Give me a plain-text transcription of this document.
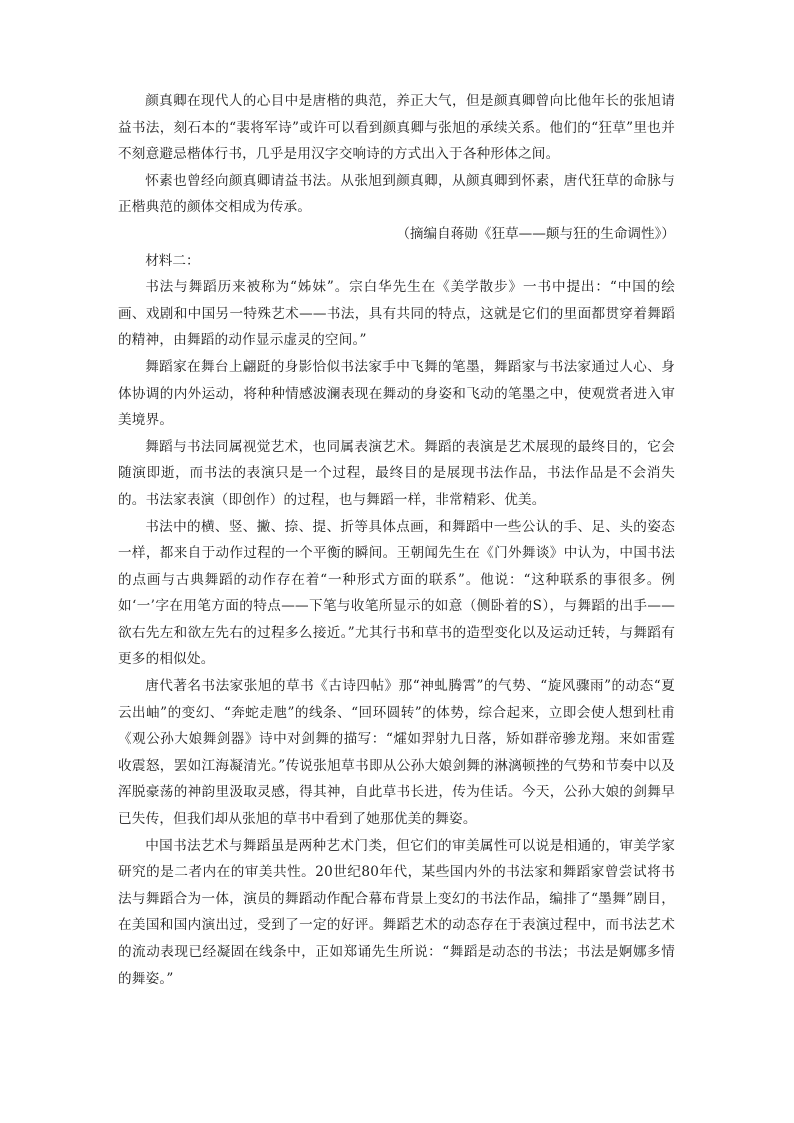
颜真卿在现代人的心目中是唐楷的典范，养正大气，但是颜真卿曾向比他年长的张旭请益书法，刻石本的“裴将军诗”或许可以看到颜真卿与张旭的承续关系。他们的“狂草”里也并不刻意避忌楷体行书，几乎是用汉字交响诗的方式出入于各种形体之间。

怀素也曾经向颜真卿请益书法。从张旭到颜真卿，从颜真卿到怀素，唐代狂草的命脉与正楷典范的颜体交相成为传承。

（摘编自蒋勋《狂草——颠与狂的生命调性》）

材料二：

书法与舞蹈历来被称为“姊妹”。宗白华先生在《美学散步》一书中提出：“中国的绘画、戏剧和中国另一特殊艺术——书法，具有共同的特点，这就是它们的里面都贯穿着舞蹈的精神，由舞蹈的动作显示虚灵的空间。”

舞蹈家在舞台上翩跹的身影恰似书法家手中飞舞的笔墨，舞蹈家与书法家通过人心、身体协调的内外运动，将种种情感波澜表现在舞动的身姿和飞动的笔墨之中，使观赏者进入审美境界。

舞蹈与书法同属视觉艺术，也同属表演艺术。舞蹈的表演是艺术展现的最终目的，它会随演即逝，而书法的表演只是一个过程，最终目的是展现书法作品，书法作品是不会消失的。书法家表演（即创作）的过程，也与舞蹈一样，非常精彩、优美。

书法中的横、竖、撇、捺、提、折等具体点画，和舞蹈中一些公认的手、足、头的姿态一样，都来自于动作过程的一个平衡的瞬间。王朝闻先生在《门外舞谈》中认为，中国书法的点画与古典舞蹈的动作存在着“一种形式方面的联系”。他说：“这种联系的事很多。例如‘一’字在用笔方面的特点——下笔与收笔所显示的如意（侧卧着的S），与舞蹈的出手——欲右先左和欲左先右的过程多么接近。”尤其行书和草书的造型变化以及运动迁转，与舞蹈有更多的相似处。

唐代著名书法家张旭的草书《古诗四帖》那“神虬腾霄”的气势、“旋风骤雨”的动态“夏云出岫”的变幻、“奔蛇走虺”的线条、“回环圆转”的体势，综合起来，立即会使人想到杜甫《观公孙大娘舞剑器》诗中对剑舞的描写：“㸌如羿射九日落，矫如群帝骖龙翔。来如雷霆收震怒，罢如江海凝清光。”传说张旭草书即从公孙大娘剑舞的淋漓顿挫的气势和节奏中以及浑脱豪荡的神韵里汲取灵感，得其神，自此草书长进，传为佳话。今天，公孙大娘的剑舞早已失传，但我们却从张旭的草书中看到了她那优美的舞姿。

中国书法艺术与舞蹈虽是两种艺术门类，但它们的审美属性可以说是相通的，审美学家研究的是二者内在的审美共性。20世纪80年代，某些国内外的书法家和舞蹈家曾尝试将书法与舞蹈合为一体，演员的舞蹈动作配合幕布背景上变幻的书法作品，编排了“墨舞”剧目，在美国和国内演出过，受到了一定的好评。舞蹈艺术的动态存在于表演过程中，而书法艺术的流动表现已经凝固在线条中，正如郑诵先生所说：“舞蹈是动态的书法；书法是婀娜多情的舞姿。”
